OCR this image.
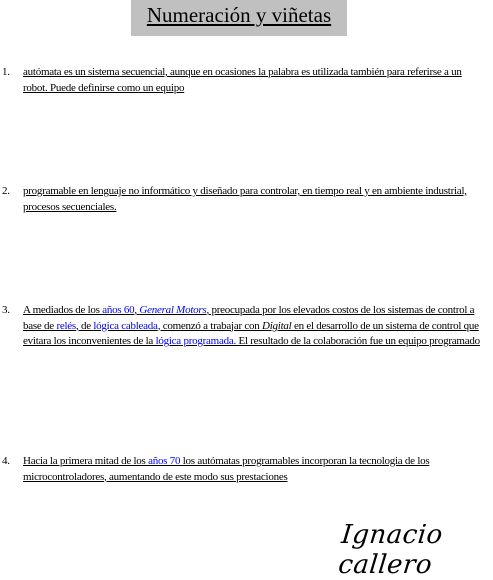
Numeración y viñetas
1.	autómata es un sistema secuencial, aunque en ocasiones la palabra es utilizada también para referirse a un robot. Puede definirse como un equipo
2.	programable en lenguaje no informático y diseñado para controlar, en tiempo real y en ambiente industrial, procesos secuenciales.
3.	A mediados de los años 60, General Motors, preocupada por los elevados costos de los sistemas de control a base de relés, de lógica cableada, comenzó a trabajar con Digital en el desarrollo de un sistema de control que evitara los inconvenientes de la lógica programada. El resultado de la colaboración fue un equipo programado
4.	Hacia la primera mitad de los años 70 los autómatas programables incorporan la tecnologia de los microcontroladores, aumentando de este modo sus prestaciones
Ignacio callero
